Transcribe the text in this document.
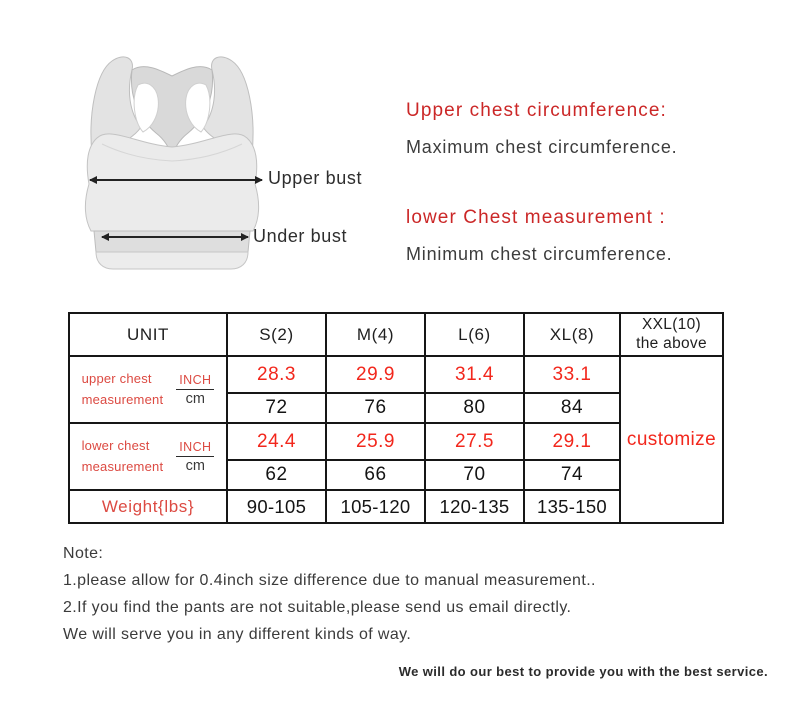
Upper bust
Under bust
Upper chest circumference:
Maximum chest circumference.
lower Chest measurement :
Minimum chest circumference.
UNIT	S(2)	M(4)	L(6)	XL(8)	XXL(10)
the above

upper chest
measurement $\frac{\text{INCH}}{cm}$	28.3	29.9	31.4	33.1	customize
	72	76	80	84	

lower chest
measurement $\frac{\text{INCH}}{cm}$	24.4	25.9	27.5	29.1	
	62	66	70	74	
Weight{lbs}	90-105	105-120	120-135	135-150	
Note:
1.please allow for 0.4inch size difference due to manual measurement..
2.If you find the pants are not suitable,please send us email directly.
We will serve you in any different kinds of way.
We will do our best to provide you with the best service.
